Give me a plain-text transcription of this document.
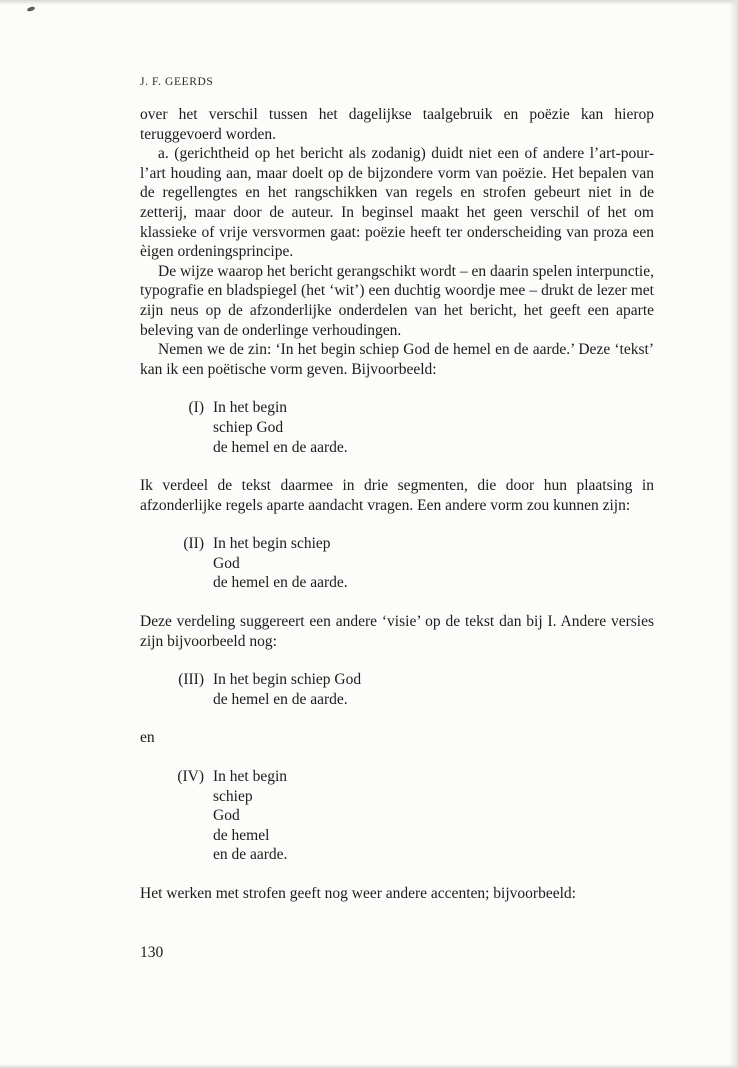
J. F. GEERDS

over het verschil tussen het dagelijkse taalgebruik en poëzie kan hierop teruggevoerd worden.

a. (gerichtheid op het bericht als zodanig) duidt niet een of andere l’art-pour-l’art houding aan, maar doelt op de bijzondere vorm van poëzie. Het bepalen van de regellengtes en het rangschikken van regels en strofen gebeurt niet in de zetterij, maar door de auteur. In beginsel maakt het geen verschil of het om klassieke of vrije versvormen gaat: poëzie heeft ter onderscheiding van proza een èigen ordeningsprincipe.

De wijze waarop het bericht gerangschikt wordt – en daarin spelen interpunctie, typografie en bladspiegel (het ‘wit’) een duchtig woordje mee – drukt de lezer met zijn neus op de afzonderlijke onderdelen van het bericht, het geeft een aparte beleving van de onderlinge verhoudingen.

Nemen we de zin: ‘In het begin schiep God de hemel en de aarde.’ Deze ‘tekst’ kan ik een poëtische vorm geven. Bijvoorbeeld:

(I) In het begin
schiep God
de hemel en de aarde.

Ik verdeel de tekst daarmee in drie segmenten, die door hun plaatsing in afzonderlijke regels aparte aandacht vragen. Een andere vorm zou kunnen zijn:

(II) In het begin schiep
God
de hemel en de aarde.

Deze verdeling suggereert een andere ‘visie’ op de tekst dan bij I. Andere versies zijn bijvoorbeeld nog:

(III) In het begin schiep God
de hemel en de aarde.

en

(IV) In het begin
schiep
God
de hemel
en de aarde.

Het werken met strofen geeft nog weer andere accenten; bijvoorbeeld:

130
